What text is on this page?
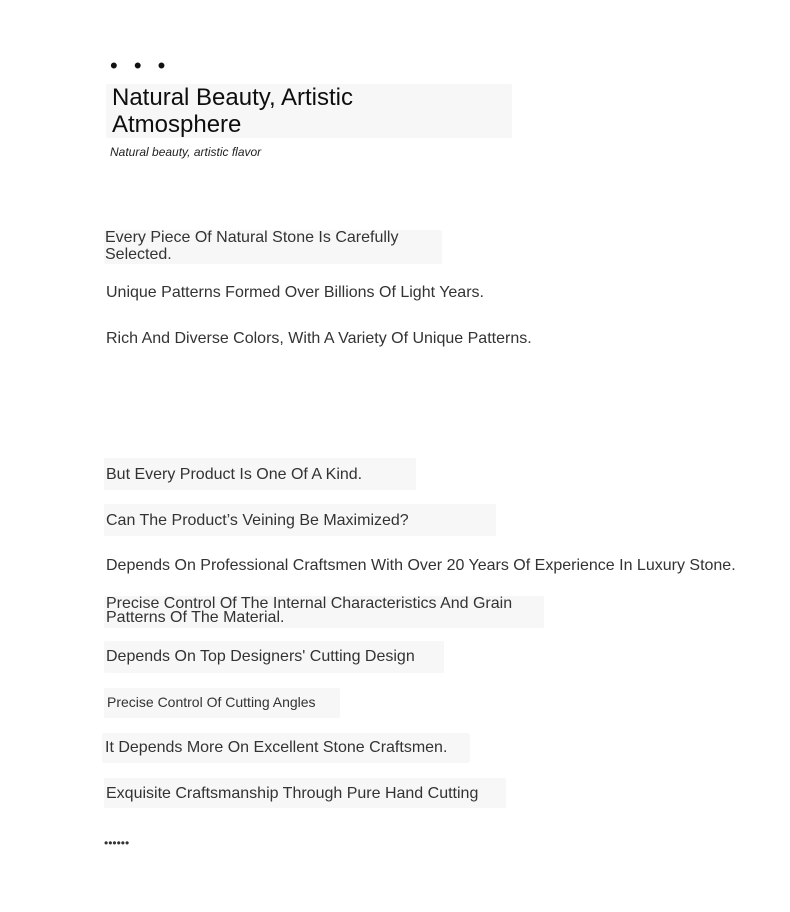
• • •
Natural Beauty, Artistic Atmosphere
Natural beauty, artistic flavor
Every Piece Of Natural Stone Is Carefully Selected.
Unique Patterns Formed Over Billions Of Light Years.
Rich And Diverse Colors, With A Variety Of Unique Patterns.
But Every Product Is One Of A Kind.
Can The Product’s Veining Be Maximized?
Depends On Professional Craftsmen With Over 20 Years Of Experience In Luxury Stone.
Precise Control Of The Internal Characteristics And Grain Patterns Of The Material.
Depends On Top Designers' Cutting Design
Precise Control Of Cutting Angles
It Depends More On Excellent Stone Craftsmen.
Exquisite Craftsmanship Through Pure Hand Cutting
••••••
